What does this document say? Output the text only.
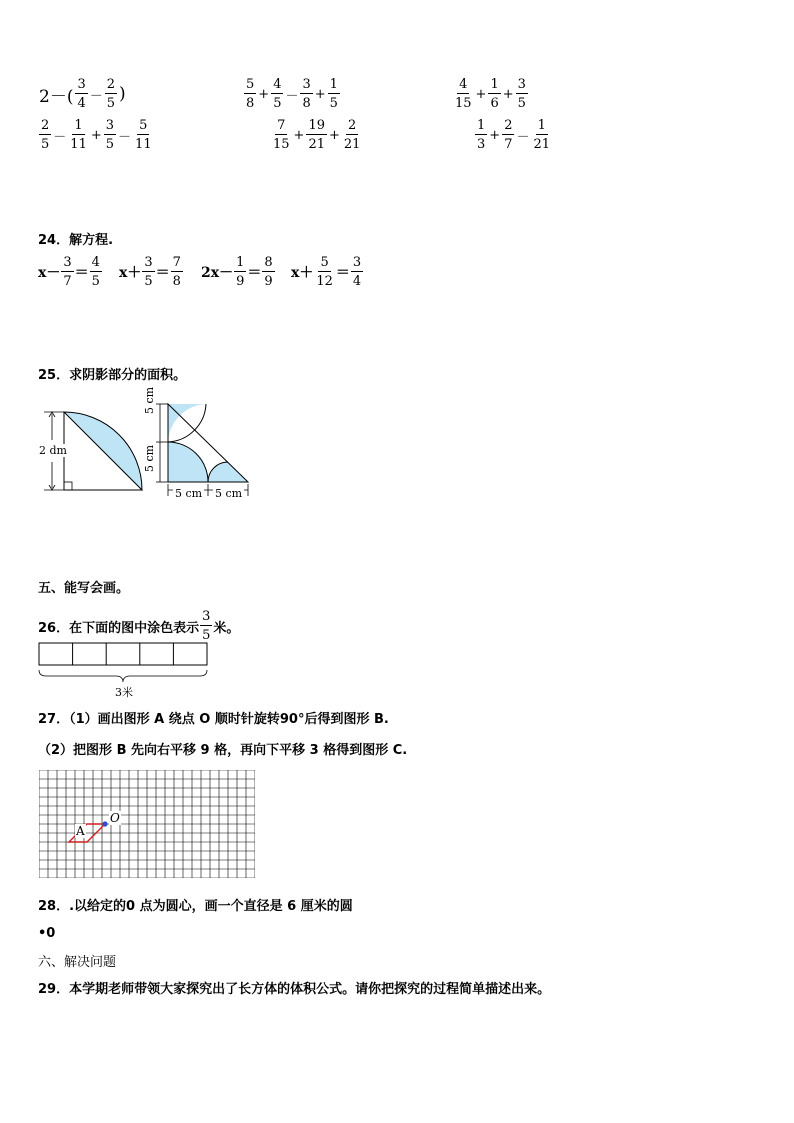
$2-( \frac{3}{4} - \frac{2}{5}$ )	$\frac{5}{8} + \frac{4}{5} - \frac{3}{8} + \frac{1}{5}$	$\frac{4}{15} + \frac{1}{6} + \frac{3}{5}$
$\frac{2}{5} - \frac{1}{11} + \frac{3}{5} - \frac{5}{11}$	$\frac{7}{15} + \frac{19}{21} + \frac{2}{21}$	$\frac{1}{3} + \frac{2}{7} - \frac{1}{21}$
24．解方程.
$x- \frac{3}{7} = \frac{4}{5} x+ \frac{3}{5} = \frac{7}{8} 2x- \frac{1}{9} = \frac{8}{9} x+ \frac{5}{12} = \frac{3}{4}$
25．求阴影部分的面积。
2 dm
5 cm
5 cm
5 cm 5 cm
五、能写会画。
26．在下面的图中涂色表示 $\frac{3}{5}$ 米。
3米
27．（1）画出图形 A 绕点 O 顺时针旋转90°后得到图形 B.
（2）把图形 B 先向右平移 9 格，再向下平移 3 格得到图形 C.
A
O
28．.以给定的0 点为圆心，画一个直径是 6 厘米的圆
•0
六、解决问题
29．本学期老师带领大家探究出了长方体的体积公式。请你把探究的过程简单描述出来。
